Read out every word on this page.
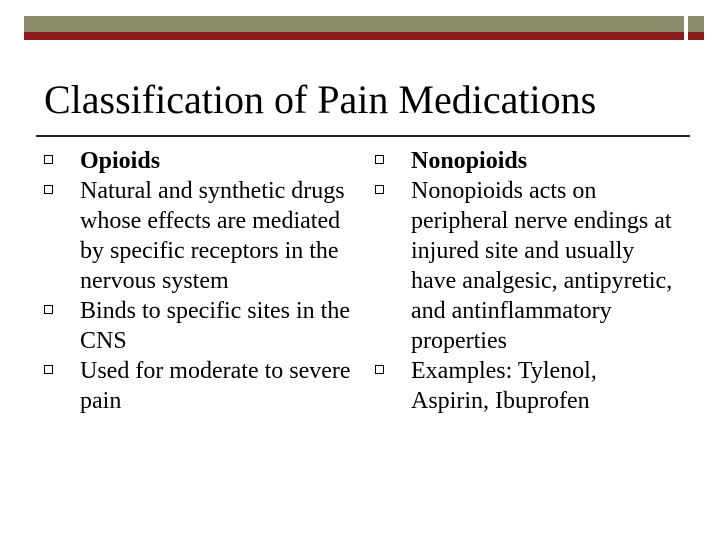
Classification of Pain Medications
Opioids
Natural and synthetic drugs whose effects are mediated by specific receptors in the nervous system
Binds to specific sites in the CNS
Used for moderate to severe pain
Nonopioids
Nonopioids acts on peripheral nerve endings at injured site and usually have analgesic, antipyretic, and antinflammatory properties
Examples: Tylenol, Aspirin, Ibuprofen
